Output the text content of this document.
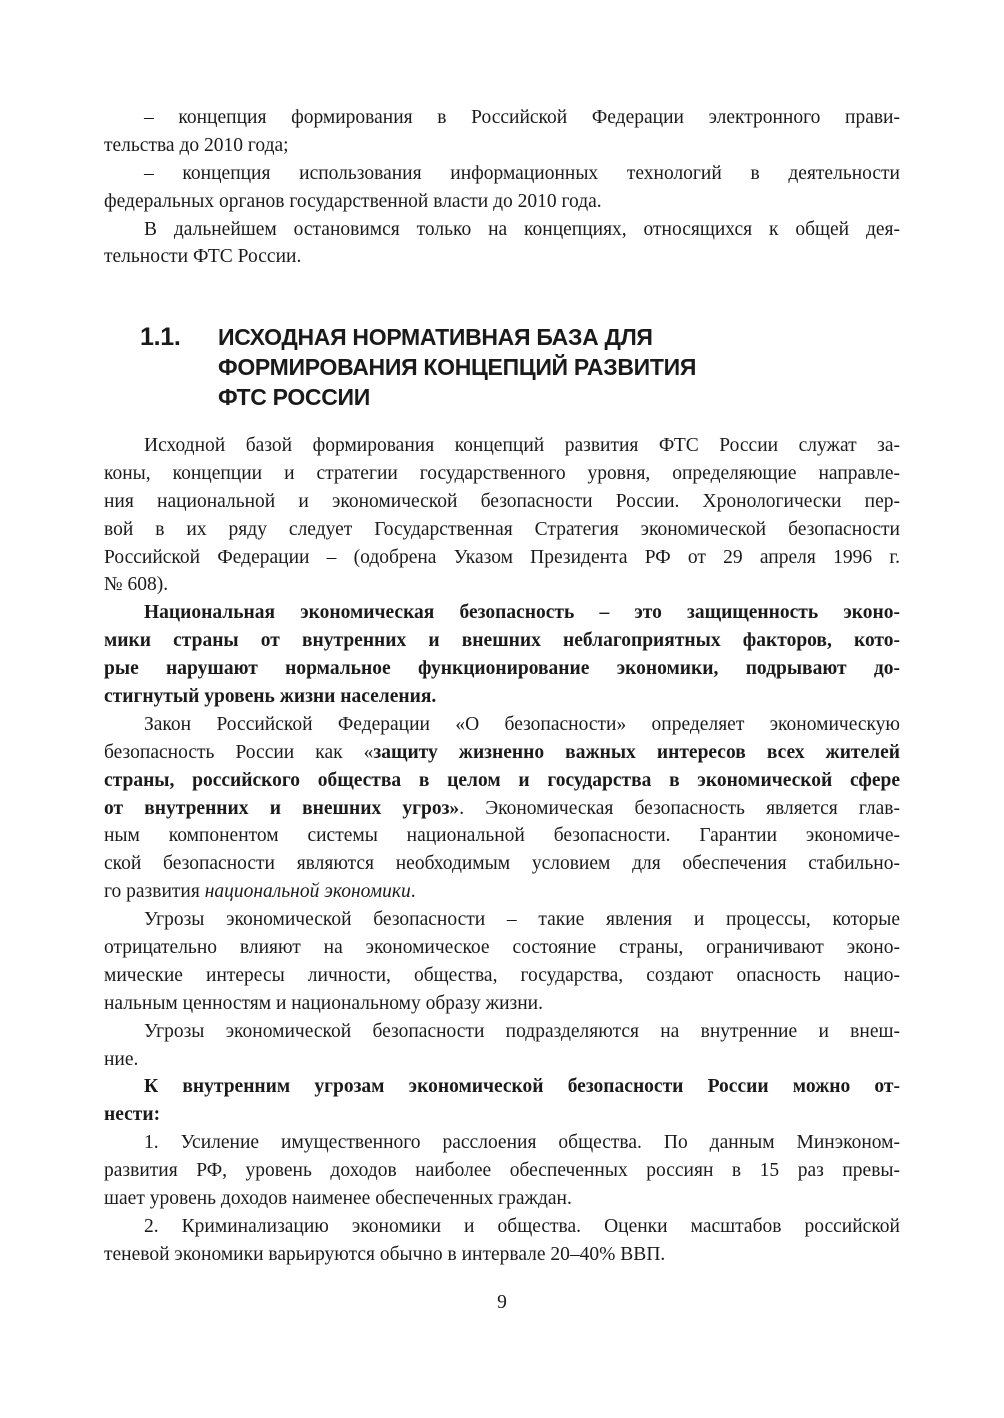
– концепция формирования в Российской Федерации электронного прави-
тельства до 2010 года;
– концепция использования информационных технологий в деятельности
федеральных органов государственной власти до 2010 года.
В дальнейшем остановимся только на концепциях, относящихся к общей дея-
тельности ФТС России.
1.1. ИСХОДНАЯ НОРМАТИВНАЯ БАЗА ДЛЯ
ФОРМИРОВАНИЯ КОНЦЕПЦИЙ РАЗВИТИЯ
ФТС РОССИИ
Исходной базой формирования концепций развития ФТС России служат за-
коны, концепции и стратегии государственного уровня, определяющие направле-
ния национальной и экономической безопасности России. Хронологически пер-
вой в их ряду следует Государственная Стратегия экономической безопасности
Российской Федерации – (одобрена Указом Президента РФ от 29 апреля 1996 г.
№ 608).
Национальная экономическая безопасность – это защищенность эконо-
мики страны от внутренних и внешних неблагоприятных факторов, кото-
рые нарушают нормальное функционирование экономики, подрывают до-
стигнутый уровень жизни населения.
Закон Российской Федерации «О безопасности» определяет экономическую
безопасность России как «защиту жизненно важных интересов всех жителей
страны, российского общества в целом и государства в экономической сфере
от внутренних и внешних угроз». Экономическая безопасность является глав-
ным компонентом системы национальной безопасности. Гарантии экономиче-
ской безопасности являются необходимым условием для обеспечения стабильно-
го развития национальной экономики.
Угрозы экономической безопасности – такие явления и процессы, которые
отрицательно влияют на экономическое состояние страны, ограничивают эконо-
мические интересы личности, общества, государства, создают опасность нацио-
нальным ценностям и национальному образу жизни.
Угрозы экономической безопасности подразделяются на внутренние и внеш-
ние.
К внутренним угрозам экономической безопасности России можно от-
нести:
1. Усиление имущественного расслоения общества. По данным Минэконом-
развития РФ, уровень доходов наиболее обеспеченных россиян в 15 раз превы-
шает уровень доходов наименее обеспеченных граждан.
2. Криминализацию экономики и общества. Оценки масштабов российской
теневой экономики варьируются обычно в интервале 20–40% ВВП.
9
